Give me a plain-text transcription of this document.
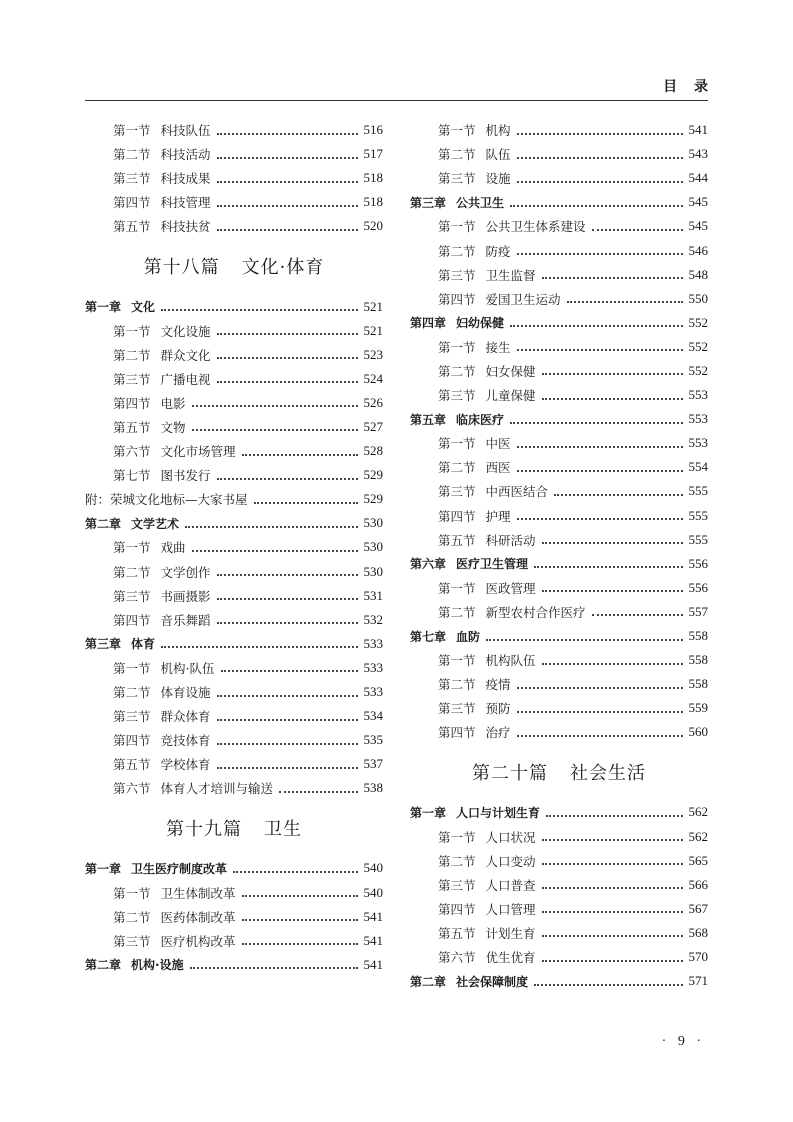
目 录
第一节 科技队伍	516
第二节 科技活动	517
第三节 科技成果	518
第四节 科技管理	518
第五节 科技扶贫	520
第十八篇 文化·体育
第一章 文化	521
第一节 文化设施	521
第二节 群众文化	523
第三节 广播电视	524
第四节 电影	526
第五节 文物	527
第六节 文化市场管理	528
第七节 图书发行	529
附： 荣城文化地标—大家书屋	529
第二章 文学艺术	530
第一节 戏曲	530
第二节 文学创作	530
第三节 书画摄影	531
第四节 音乐舞蹈	532
第三章 体育	533
第一节 机构·队伍	533
第二节 体育设施	533
第三节 群众体育	534
第四节 竞技体育	535
第五节 学校体育	537
第六节 体育人才培训与输送	538
第十九篇 卫生
第一章 卫生医疗制度改革	540
第一节 卫生体制改革	540
第二节 医药体制改革	541
第三节 医疗机构改革	541
第二章 机构·设施	541
第一节 机构	541
第二节 队伍	543
第三节 设施	544
第三章 公共卫生	545
第一节 公共卫生体系建设	545
第二节 防疫	546
第三节 卫生监督	548
第四节 爱国卫生运动	550
第四章 妇幼保健	552
第一节 接生	552
第二节 妇女保健	552
第三节 儿童保健	553
第五章 临床医疗	553
第一节 中医	553
第二节 西医	554
第三节 中西医结合	555
第四节 护理	555
第五节 科研活动	555
第六章 医疗卫生管理	556
第一节 医政管理	556
第二节 新型农村合作医疗	557
第七章 血防	558
第一节 机构队伍	558
第二节 疫情	558
第三节 预防	559
第四节 治疗	560
第二十篇 社会生活
第一章 人口与计划生育	562
第一节 人口状况	562
第二节 人口变动	565
第三节 人口普查	566
第四节 人口管理	567
第五节 计划生育	568
第六节 优生优育	570
第二章 社会保障制度	571
· 9 ·
